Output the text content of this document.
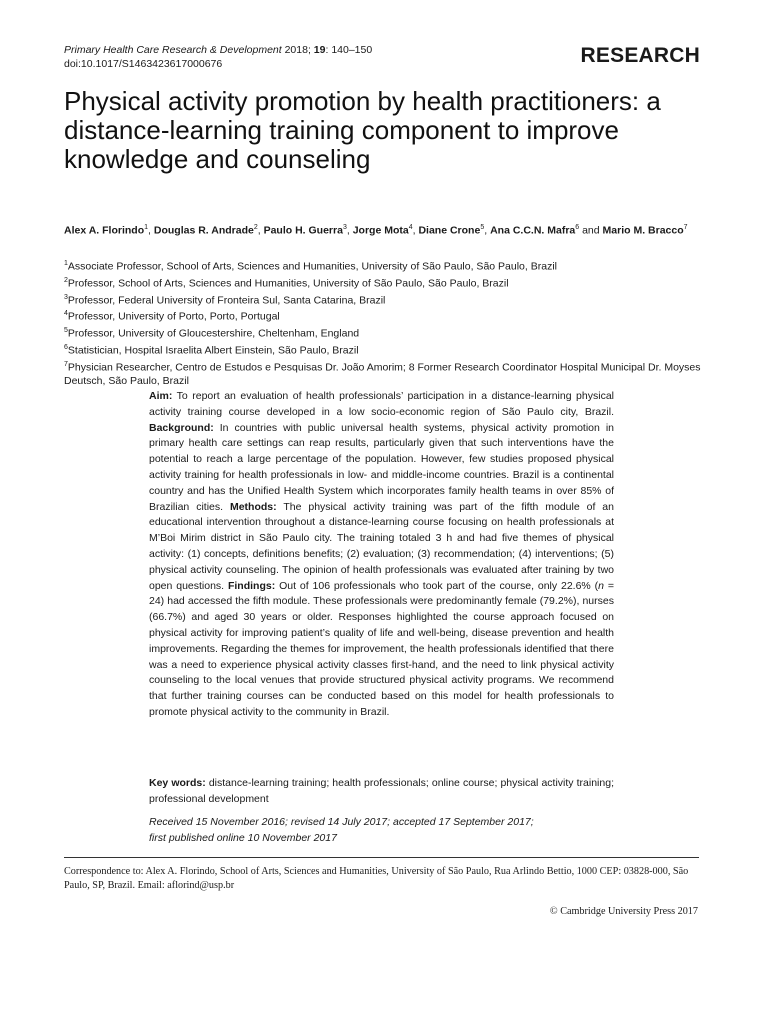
Primary Health Care Research & Development 2018; 19: 140–150
doi:10.1017/S1463423617000676	RESEARCH
Physical activity promotion by health practitioners: a distance-learning training component to improve knowledge and counseling
Alex A. Florindo$^1$, Douglas R. Andrade$^2$, Paulo H. Guerra$^3$, Jorge Mota$^4$, Diane Crone$^5$, Ana C.C.N. Mafra$^6$ and Mario M. Bracco$^7$
$^1$Associate Professor, School of Arts, Sciences and Humanities, University of São Paulo, São Paulo, Brazil
$^2$Professor, School of Arts, Sciences and Humanities, University of São Paulo, São Paulo, Brazil
$^3$Professor, Federal University of Fronteira Sul, Santa Catarina, Brazil
$^4$Professor, University of Porto, Porto, Portugal
$^5$Professor, University of Gloucestershire, Cheltenham, England
$^6$Statistician, Hospital Israelita Albert Einstein, São Paulo, Brazil
$^7$Physician Researcher, Centro de Estudos e Pesquisas Dr. João Amorim; 8 Former Research Coordinator Hospital Municipal Dr. Moyses Deutsch, São Paulo, Brazil
Aim: To report an evaluation of health professionals’ participation in a distance-learning physical activity training course developed in a low socio-economic region of São Paulo city, Brazil. Background: In countries with public universal health systems, physical activity promotion in primary health care settings can reap results, particularly given that such interventions have the potential to reach a large percentage of the population. However, few studies proposed physical activity training for health professionals in low- and middle-income countries. Brazil is a continental country and has the Unified Health System which incorporates family health teams in over 85% of Brazilian cities. Methods: The physical activity training was part of the fifth module of an educational intervention throughout a distance-learning course focusing on health professionals at M’Boi Mirim district in São Paulo city. The training totaled 3 h and had five themes of physical activity: (1) concepts, definitions benefits; (2) evaluation; (3) recommendation; (4) interventions; (5) physical activity counseling. The opinion of health professionals was evaluated after training by two open questions. Findings: Out of 106 professionals who took part of the course, only 22.6% (n = 24) had accessed the fifth module. These professionals were predominantly female (79.2%), nurses (66.7%) and aged 30 years or older. Responses highlighted the course approach focused on physical activity for improving patient’s quality of life and well-being, disease prevention and health improvements. Regarding the themes for improvement, the health professionals identified that there was a need to experience physical activity classes first-hand, and the need to link physical activity counseling to the local venues that provide structured physical activity programs. We recommend that further training courses can be conducted based on this model for health professionals to promote physical activity to the community in Brazil.
Key words: distance-learning training; health professionals; online course; physical activity training; professional development
Received 15 November 2016; revised 14 July 2017; accepted 17 September 2017;
first published online 10 November 2017
Correspondence to: Alex A. Florindo, School of Arts, Sciences and Humanities, University of São Paulo, Rua Arlindo Bettio, 1000 CEP: 03828-000, São Paulo, SP, Brazil. Email: aflorind@usp.br
© Cambridge University Press 2017
